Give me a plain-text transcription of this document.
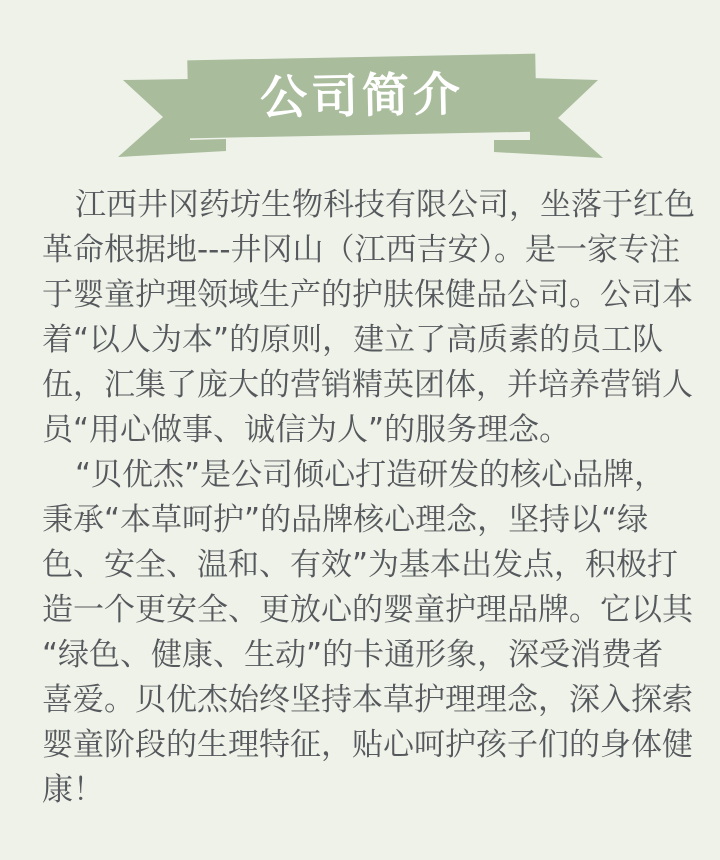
公司简介

江西井冈药坊生物科技有限公司，坐落于红色
革命根据地---井冈山（江西吉安）。是一家专注
于婴童护理领域生产的护肤保健品公司。公司本
着“以人为本”的原则，建立了高质素的员工队
伍，汇集了庞大的营销精英团体，并培养营销人
员“用心做事、诚信为人”的服务理念。

“贝优杰”是公司倾心打造研发的核心品牌，
秉承“本草呵护”的品牌核心理念，坚持以“绿
色、安全、温和、有效”为基本出发点，积极打
造一个更安全、更放心的婴童护理品牌。它以其
“绿色、健康、生动”的卡通形象，深受消费者
喜爱。贝优杰始终坚持本草护理理念，深入探索
婴童阶段的生理特征，贴心呵护孩子们的身体健
康！
